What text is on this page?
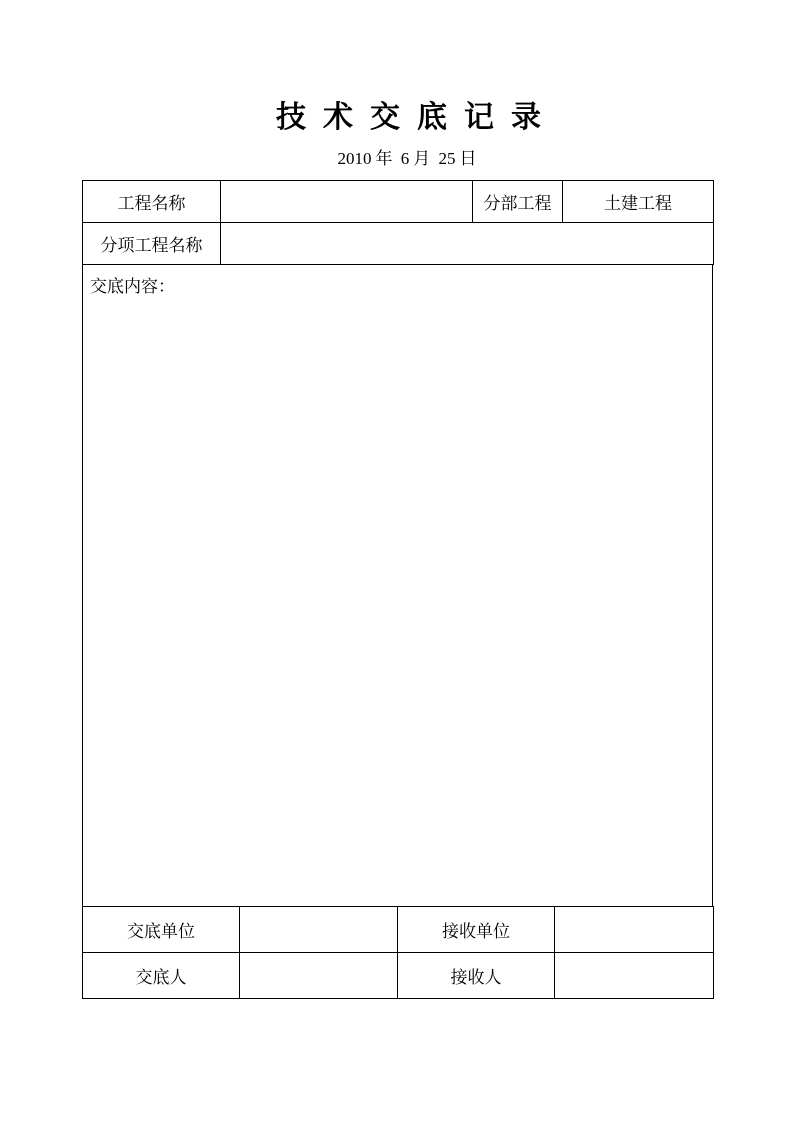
技术交底记录
2010 年 6 月 25 日
工程名称		分部工程	土建工程
分项工程名称			
交底内容：
交底单位		接收单位	
交底人		接收人	
